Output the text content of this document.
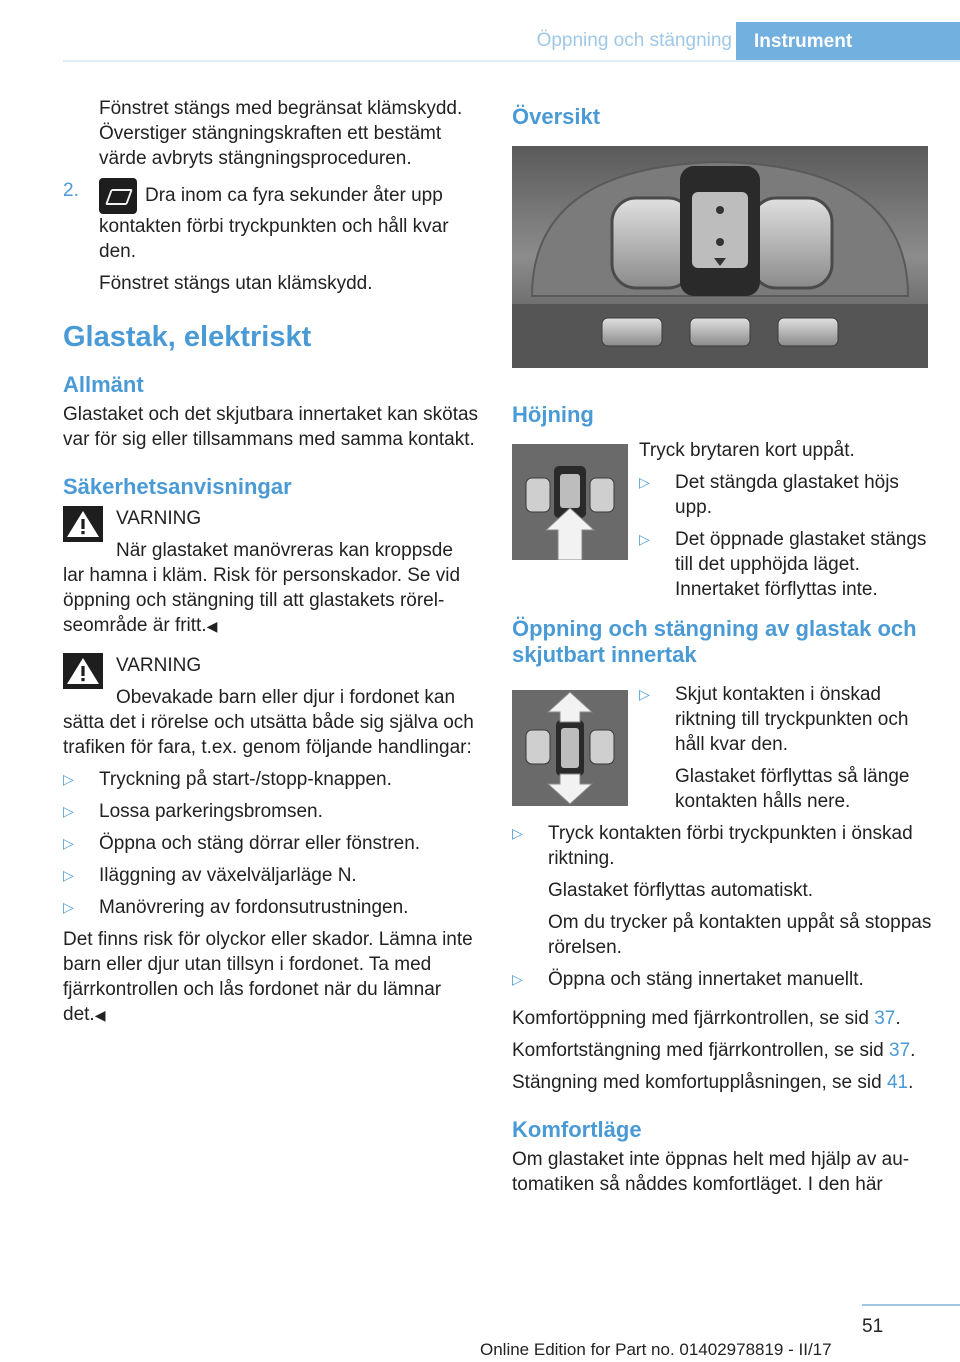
Öppning och stängning	Instrument

Fönstret stängs med begränsat klämskydd. Överstiger stängningskraften ett bestämt värde avbryts stängningsproceduren.

2.	Dra inom ca fyra sekunder åter upp kontakten förbi tryckpunkten och håll kvar den.

Fönstret stängs utan klämskydd.

Glastak, elektriskt
Allmänt

Glastaket och det skjutbara innertaket kan skötas var för sig eller tillsammans med samma kontakt.

Säkerhetsanvisningar

VARNING

När glastaket manövreras kan kroppsde
lar hamna i kläm. Risk för personskador. Se vid öppning och stängning till att glastakets rörelseområde är fritt.◀

VARNING

Obevakade barn eller djur i fordonet kan
sätta det i rörelse och utsätta både sig själva och trafiken för fara, t.ex. genom följande handlingar:

▷ Tryckning på start-/stopp-knappen.
▷ Lossa parkeringsbromsen.
▷ Öppna och stäng dörrar eller fönstren.
▷ Iläggning av växelväljarläge N.
▷ Manövrering av fordonsutrustningen.

Det finns risk för olyckor eller skador. Lämna inte barn eller djur utan tillsyn i fordonet. Ta med fjärrkontrollen och lås fordonet när du lämnar det.◀

Översikt
Höjning

Tryck brytaren kort uppåt.

▷ Det stängda glastaket höjs upp.
▷ Det öppnade glastaket stängs till det upphöjda läget. Innertaket förflyttas inte.
Öppning och stängning av glastak och skjutbart innertak
▷ Skjut kontakten i önskad riktning till tryckpunkten och håll kvar den.
Glastaket förflyttas så länge kontakten hålls nere.
▷ Tryck kontakten förbi tryckpunkten i önskad riktning.
Glastaket förflyttas automatiskt.
Om du trycker på kontakten uppåt så stoppas rörelsen.
▷ Öppna och stäng innertaket manuellt.

Komfortöppning med fjärrkontrollen, se sid 37.

Komfortstängning med fjärrkontrollen, se sid 37.

Stängning med komfortupplåsningen, se sid 41.

Komfortläge

Om glastaket inte öppnas helt med hjälp av automatiken så nåddes komfortläget. I den här

51
Online Edition for Part no. 01402978819 - II/17
